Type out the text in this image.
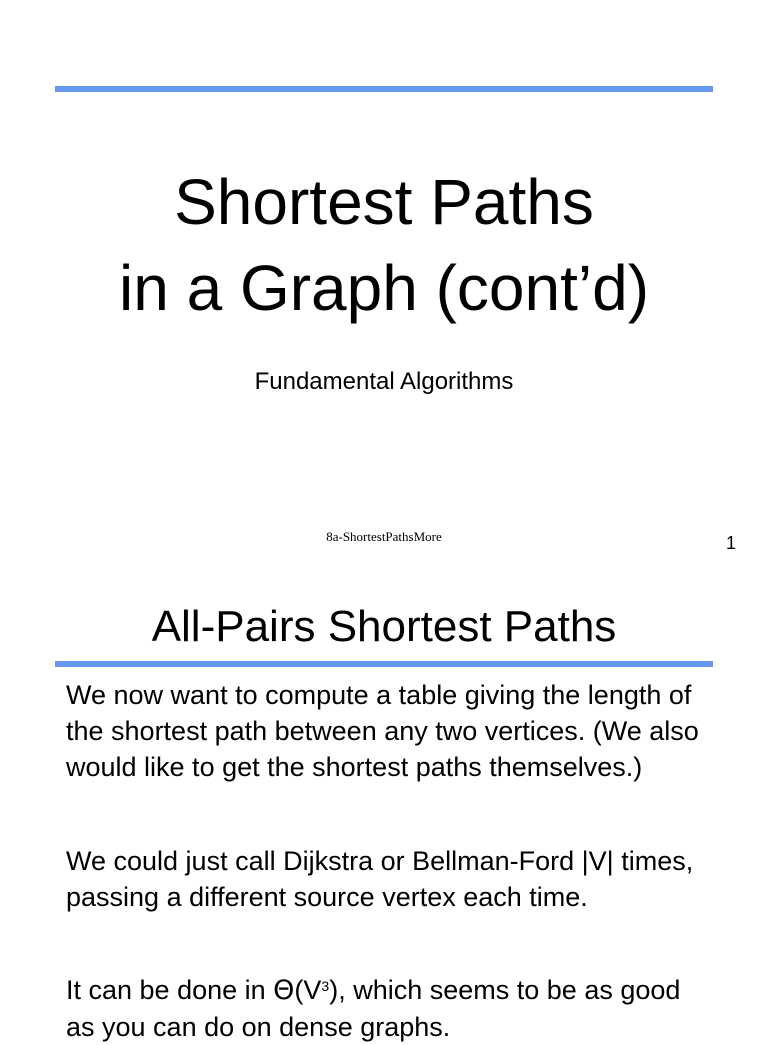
Shortest Paths
in a Graph (cont’d)
Fundamental Algorithms
8a-ShortestPathsMore	1
All-Pairs Shortest Paths

We now want to compute a table giving the length of the shortest path between any two vertices. (We also would like to get the shortest paths themselves.)

We could just call Dijkstra or Bellman-Ford |V| times, passing a different source vertex each time.

It can be done in $\Theta(V^3)$, which seems to be as good as you can do on dense graphs.
